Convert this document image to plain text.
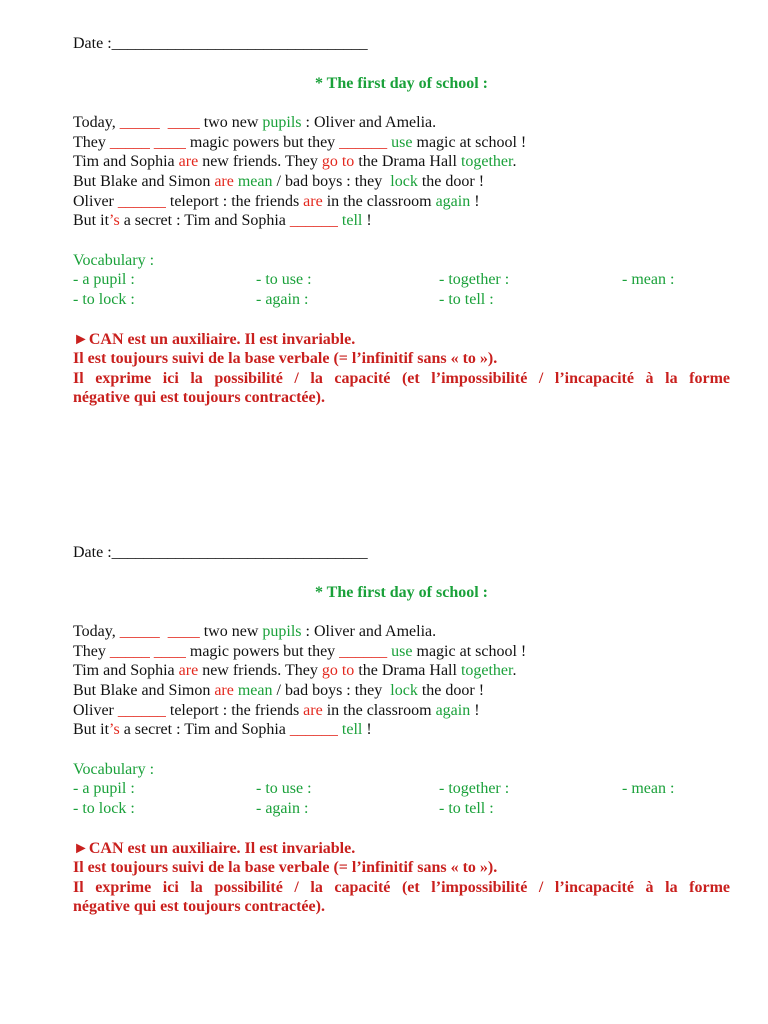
Date :________________________________
* The first day of school :
Today, _____ ____ two new pupils : Oliver and Amelia.
They _____ ____ magic powers but they ______ use magic at school !
Tim and Sophia are new friends. They go to the Drama Hall together.
But Blake and Simon are mean / bad boys : they  lock the door !
Oliver ______ teleport : the friends are in the classroom again !
But it’s a secret : Tim and Sophia ______ tell !
Vocabulary :
- a pupil :	- to use :	- together :	- mean :
- to lock :	- again :	- to tell :

►CAN est un auxiliaire. Il est invariable.

Il est toujours suivi de la base verbale (= l’infinitif sans « to »).

Il exprime ici la possibilité / la capacité (et l’impossibilité / l’incapacité à la forme

négative qui est toujours contractée).

Date :________________________________
* The first day of school :
Today, _____ ____ two new pupils : Oliver and Amelia.
They _____ ____ magic powers but they ______ use magic at school !
Tim and Sophia are new friends. They go to the Drama Hall together.
But Blake and Simon are mean / bad boys : they  lock the door !
Oliver ______ teleport : the friends are in the classroom again !
But it’s a secret : Tim and Sophia ______ tell !
Vocabulary :
- a pupil :	- to use :	- together :	- mean :
- to lock :	- again :	- to tell :

►CAN est un auxiliaire. Il est invariable.

Il est toujours suivi de la base verbale (= l’infinitif sans « to »).

Il exprime ici la possibilité / la capacité (et l’impossibilité / l’incapacité à la forme

négative qui est toujours contractée).
